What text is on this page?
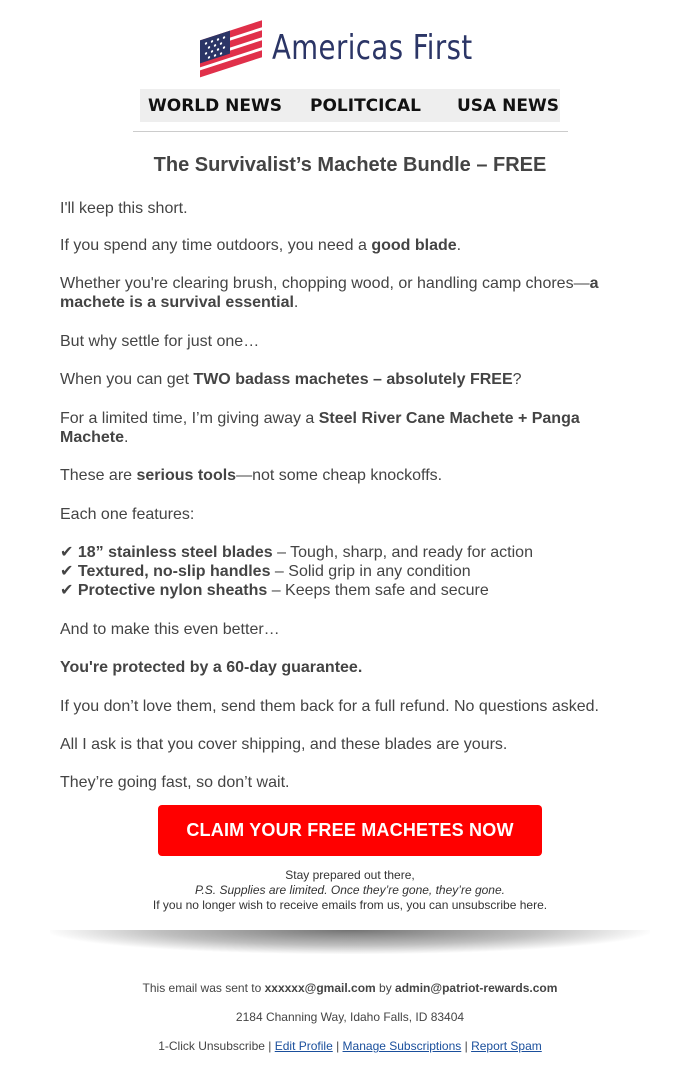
Americas First
WORLD NEWS POLITCICAL USA NEWS
The Survivalist’s Machete Bundle – FREE

I'll keep this short.

If you spend any time outdoors, you need a good blade.

Whether you're clearing brush, chopping wood, or handling camp chores—a machete is a survival essential.

But why settle for just one…

When you can get TWO badass machetes – absolutely FREE?

For a limited time, I’m giving away a Steel River Cane Machete + Panga Machete.

These are serious tools—not some cheap knockoffs.

Each one features:

✔ 18” stainless steel blades – Tough, sharp, and ready for action

✔ Textured, no-slip handles – Solid grip in any condition

✔ Protective nylon sheaths – Keeps them safe and secure

And to make this even better…

You're protected by a 60-day guarantee.

If you don’t love them, send them back for a full refund. No questions asked.

All I ask is that you cover shipping, and these blades are yours.

They’re going fast, so don’t wait.

CLAIM YOUR FREE MACHETES NOW
Stay prepared out there,
P.S. Supplies are limited. Once they’re gone, they’re gone.
If you no longer wish to receive emails from us, you can unsubscribe here.
This email was sent to xxxxxx@gmail.com by admin@patriot-rewards.com
2184 Channing Way, Idaho Falls, ID 83404
1-Click Unsubscribe | Edit Profile | Manage Subscriptions | Report Spam
